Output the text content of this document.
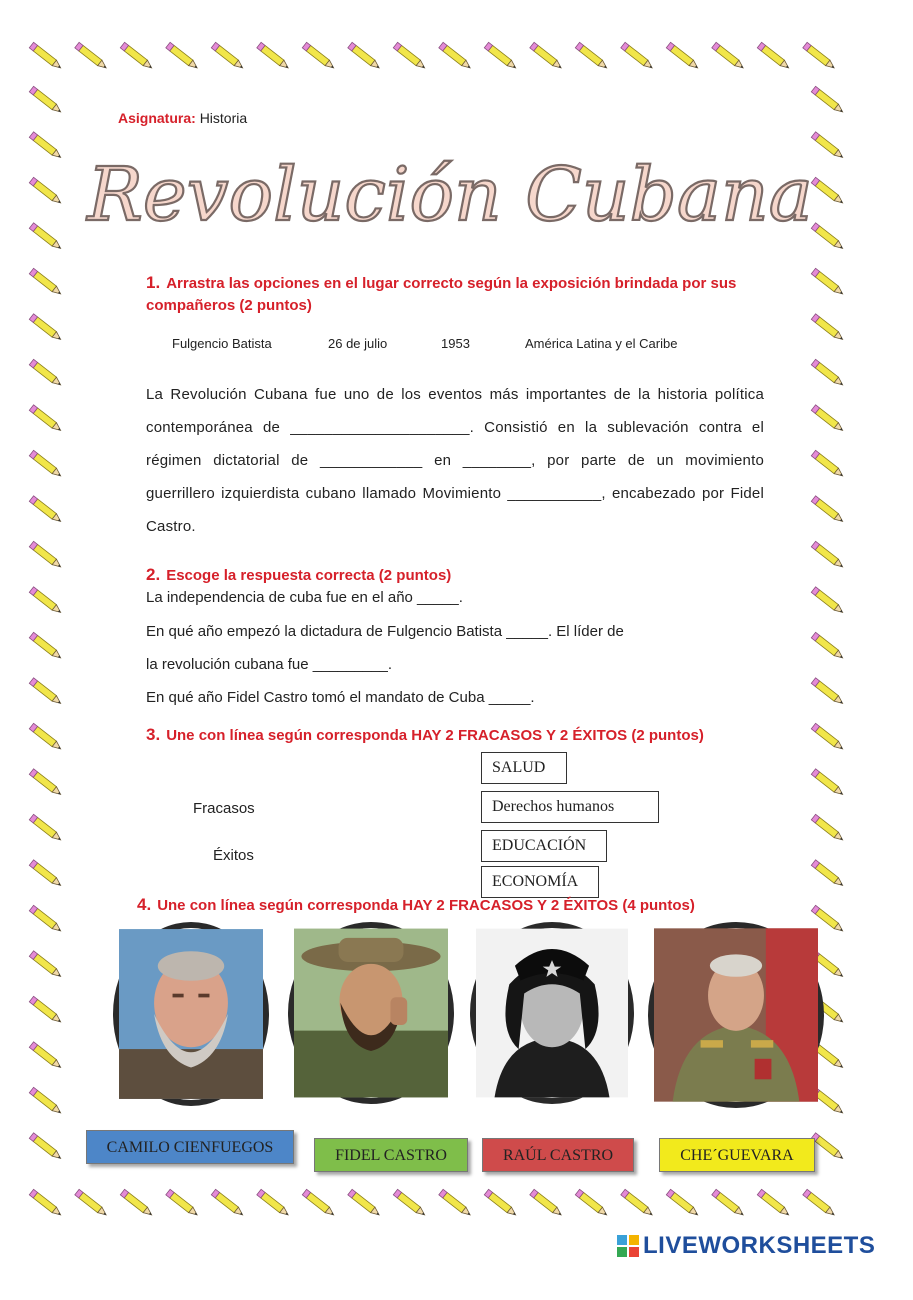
Asignatura: Historia
Revolución Cubana
1. Arrastra las opciones en el lugar correcto según la exposición brindada por sus
compañeros (2 puntos)
Fulgencio Batista	26 de julio	1953	América Latina y el Caribe
La Revolución Cubana fue uno de los eventos más importantes de la historia política contemporánea de _____________________. Consistió en la sublevación contra el régimen dictatorial de ____________ en ________, por parte de un movimiento guerrillero izquierdista cubano llamado Movimiento ___________, encabezado por Fidel Castro.
2. Escoge la respuesta correcta (2 puntos)
La independencia de cuba fue en el año _____.
En qué año empezó la dictadura de Fulgencio Batista _____. El líder de
la revolución cubana fue _________.
En qué año Fidel Castro tomó el mandato de Cuba _____.
3. Une con línea según corresponda HAY 2 FRACASOS Y 2 ÉXITOS (2 puntos)
Fracasos
Éxitos
SALUD
Derechos humanos
EDUCACIÓN
ECONOMÍA
4. Une con línea según corresponda HAY 2 FRACASOS Y 2 ÉXITOS (4 puntos)
CAMILO CIENFUEGOS	FIDEL CASTRO	RAÚL CASTRO	CHE´GUEVARA
LIVEWORKSHEETS
